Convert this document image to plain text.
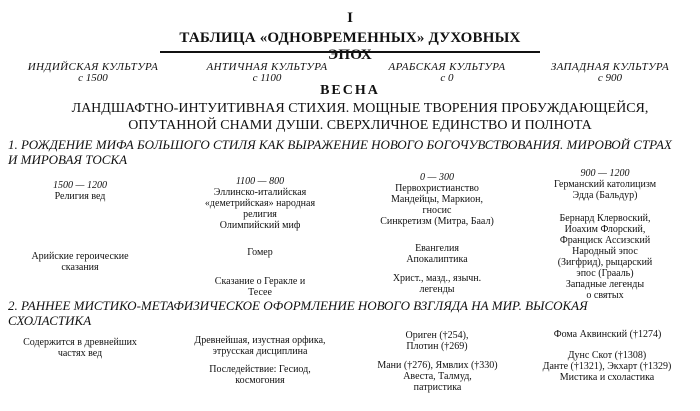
I
ТАБЛИЦА «ОДНОВРЕМЕННЫХ» ДУХОВНЫХ ЭПОХ
ИНДИЙСКАЯ КУЛЬТУРА
с 1500
АНТИЧНАЯ КУЛЬТУРА
с 1100
АРАБСКАЯ КУЛЬТУРА
с 0
ЗАПАДНАЯ КУЛЬТУРА
с 900
ВЕСНА
ЛАНДШАФТНО-ИНТУИТИВНАЯ СТИХИЯ. МОЩНЫЕ ТВОРЕНИЯ ПРОБУЖДАЮЩЕЙСЯ,
ОПУТАННОЙ СНАМИ ДУШИ. СВЕРХЛИЧНОЕ ЕДИНСТВО И ПОЛНОТА
1. РОЖДЕНИЕ МИФА БОЛЬШОГО СТИЛЯ КАК ВЫРАЖЕНИЕ НОВОГО БОГОЧУВСТВОВАНИЯ. МИРОВОЙ СТРАХ
И МИРОВАЯ ТОСКА
1500 — 1200
Религия вед
Арийские героические
сказания
1100 — 800
Эллинско-италийская
«деметрийская» народная
религия
Олимпийский миф
Гомер
Сказание о Геракле и
Тесее
0 — 300
Первохристианство
Мандейцы, Маркион,
гносис
Синкретизм (Митра, Баал)
Евангелия
Апокалиптика
Христ., мазд., язычн.
легенды
900 — 1200
Германский католицизм
Эдда (Бальдур)
Бернард Клервоский,
Иоахим Флорский,
Франциск Ассизский
Народный эпос
(Зигфрид), рыцарский
эпос (Грааль)
Западные легенды
о святых
2. РАННЕЕ МИСТИКО-МЕТАФИЗИЧЕСКОЕ ОФОРМЛЕНИЕ НОВОГО ВЗГЛЯДА НА МИР. ВЫСОКАЯ
СХОЛАСТИКА
Содержится в древнейших
частях вед
Древнейшая, изустная орфика,
этрусская дисциплина
Последействие: Гесиод,
космогония
Ориген (†254),
Плотин (†269)
Мани (†276), Ямвлих (†330)
Авеста, Талмуд,
патристика
Фома Аквинский (†1274)
Дунс Скот (†1308)
Данте (†1321), Экхарт (†1329)
Мистика и схоластика
